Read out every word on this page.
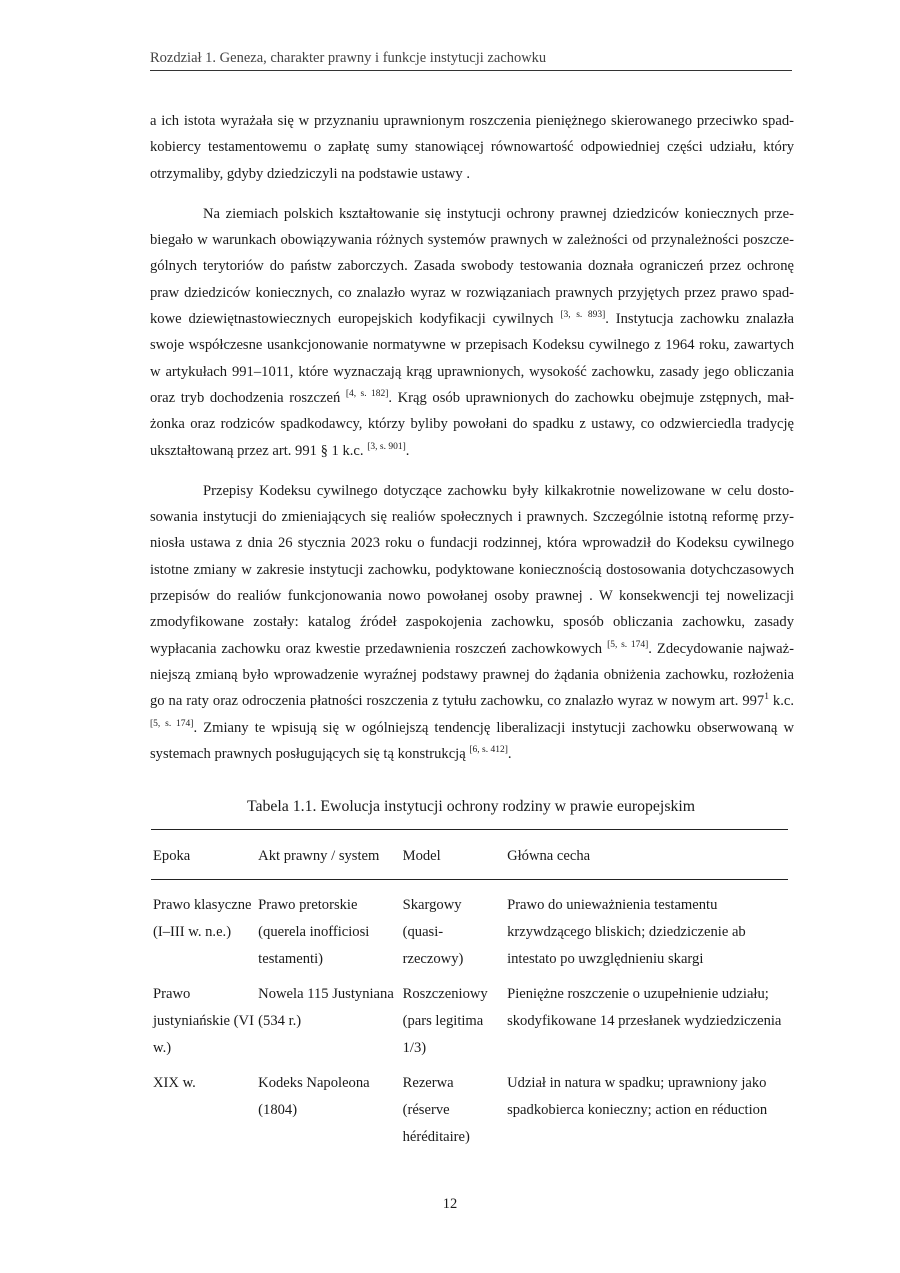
Rozdział 1. Geneza, charakter prawny i funkcje instytucji zachowku

a ich istota wyrażała się w przyznaniu uprawnionym roszczenia pieniężnego skierowanego przeciwko spadkobiercy testamentowemu o zapłatę sumy stanowiącej równowartość odpowiedniej części udziału, który otrzymaliby, gdyby dziedziczyli na podstawie ustawy .

Na ziemiach polskich kształtowanie się instytucji ochrony prawnej dziedziców koniecznych przebiegało w warunkach obowiązywania różnych systemów prawnych w zależności od przynależności poszczególnych terytoriów do państw zaborczych. Zasada swobody testowania doznała ograniczeń przez ochronę praw dziedziców koniecznych, co znalazło wyraz w rozwiązaniach prawnych przyjętych przez prawo spadkowe dziewiętnastowiecznych europejskich kodyfikacji cywilnych [3, s. 893]. Instytucja zachowku znalazła swoje współczesne usankcjonowanie normatywne w przepisach Kodeksu cywilnego z 1964 roku, zawartych w artykułach 991–1011, które wyznaczają krąg uprawnionych, wysokość zachowku, zasady jego obliczania oraz tryb dochodzenia roszczeń [4, s. 182]. Krąg osób uprawnionych do zachowku obejmuje zstępnych, małżonka oraz rodziców spadkodawcy, którzy byliby powołani do spadku z ustawy, co odzwierciedla tradycję ukształtowaną przez art. 991 § 1 k.c. [3, s. 901].

Przepisy Kodeksu cywilnego dotyczące zachowku były kilkakrotnie nowelizowane w celu dostosowania instytucji do zmieniających się realiów społecznych i prawnych. Szczególnie istotną reformę przyniosła ustawa z dnia 26 stycznia 2023 roku o fundacji rodzinnej, która wprowadził do Kodeksu cywilnego istotne zmiany w zakresie instytucji zachowku, podyktowane koniecznością dostosowania dotychczasowych przepisów do realiów funkcjonowania nowo powołanej osoby prawnej . W konsekwencji tej nowelizacji zmodyfikowane zostały: katalog źródeł zaspokojenia zachowku, sposób obliczania zachowku, zasady wypłacania zachowku oraz kwestie przedawnienia roszczeń zachowkowych [5, s. 174]. Zdecydowanie najważniejszą zmianą było wprowadzenie wyraźnej podstawy prawnej do żądania obniżenia zachowku, rozłożenia go na raty oraz odroczenia płatności roszczenia z tytułu zachowku, co znalazło wyraz w nowym art. $997^1$ k.c. [5, s. 174]. Zmiany te wpisują się w ogólniejszą tendencję liberalizacji instytucji zachowku obserwowaną w systemach prawnych posługujących się tą konstrukcją [6, s. 412].

Tabela 1.1. Ewolucja instytucji ochrony rodziny w prawie europejskim
Epoka	Akt prawny / system	Model	Główna cecha
Prawo klasyczne (I–III w. n.e.)	Prawo pretorskie (querela inofficiosi testamenti)	Skargowy (quasi-rzeczowy)	Prawo do unieważnienia testamentu krzywdzącego bliskich; dziedziczenie ab intestato po uwzględnieniu skargi
Prawo justyniańskie (VI w.)	Nowela 115 Justyniana (534 r.)	Roszczeniowy (pars legitima 1/3)	Pieniężne roszczenie o uzupełnienie udziału; skodyfikowane 14 przesłanek wydziedziczenia
XIX w.	Kodeks Napoleona (1804)	Rezerwa (réserve héréditaire)	Udział in natura w spadku; uprawniony jako spadkobierca konieczny; action en réduction
12
